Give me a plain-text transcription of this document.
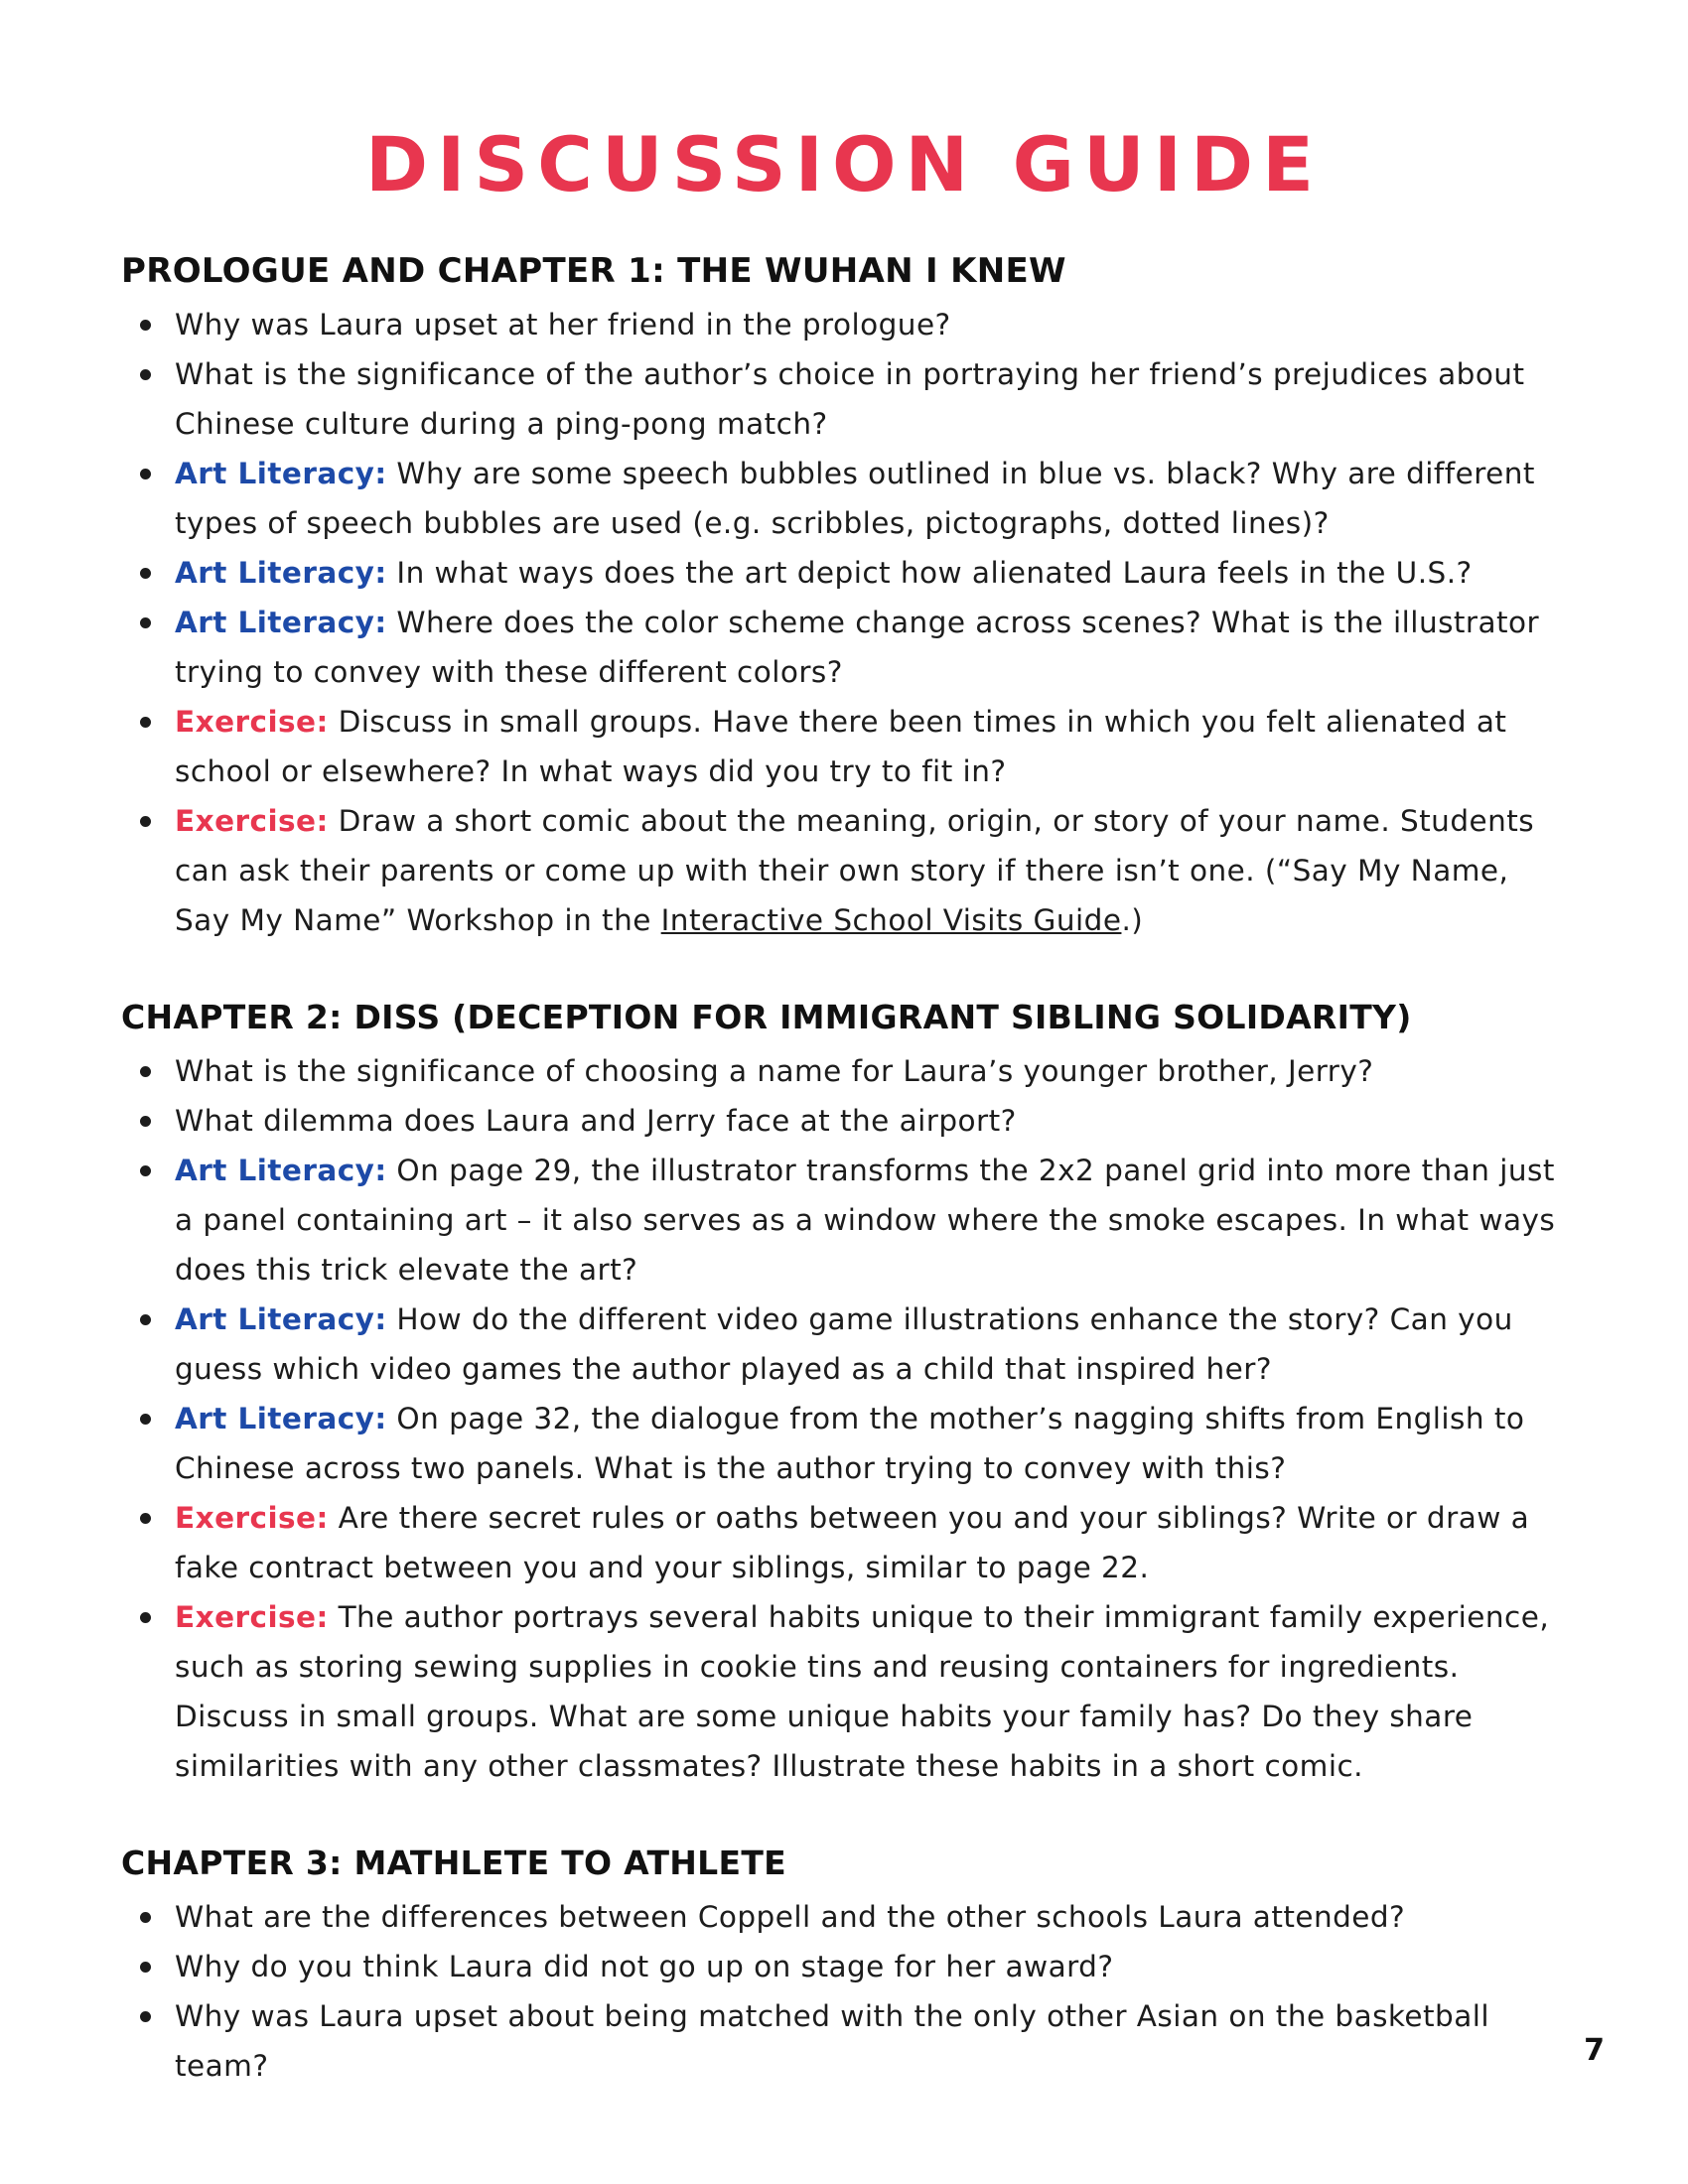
DISCUSSION GUIDE
PROLOGUE AND CHAPTER 1: THE WUHAN I KNEW
Why was Laura upset at her friend in the prologue?
What is the significance of the author’s choice in portraying her friend’s prejudices about Chinese culture during a ping-pong match?
Art Literacy: Why are some speech bubbles outlined in blue vs. black? Why are different types of speech bubbles are used (e.g. scribbles, pictographs, dotted lines)?
Art Literacy: In what ways does the art depict how alienated Laura feels in the U.S.?
Art Literacy: Where does the color scheme change across scenes? What is the illustrator trying to convey with these different colors?
Exercise: Discuss in small groups. Have there been times in which you felt alienated at school or elsewhere? In what ways did you try to fit in?
Exercise: Draw a short comic about the meaning, origin, or story of your name. Students can ask their parents or come up with their own story if there isn’t one. (“Say My Name, Say My Name” Workshop in the Interactive School Visits Guide.)
CHAPTER 2: DISS (DECEPTION FOR IMMIGRANT SIBLING SOLIDARITY)
What is the significance of choosing a name for Laura’s younger brother, Jerry?
What dilemma does Laura and Jerry face at the airport?
Art Literacy: On page 29, the illustrator transforms the 2x2 panel grid into more than just a panel containing art – it also serves as a window where the smoke escapes. In what ways does this trick elevate the art?
Art Literacy: How do the different video game illustrations enhance the story? Can you guess which video games the author played as a child that inspired her?
Art Literacy: On page 32, the dialogue from the mother’s nagging shifts from English to Chinese across two panels. What is the author trying to convey with this?
Exercise: Are there secret rules or oaths between you and your siblings? Write or draw a fake contract between you and your siblings, similar to page 22.
Exercise: The author portrays several habits unique to their immigrant family experience, such as storing sewing supplies in cookie tins and reusing containers for ingredients. Discuss in small groups. What are some unique habits your family has? Do they share similarities with any other classmates? Illustrate these habits in a short comic.
CHAPTER 3: MATHLETE TO ATHLETE
What are the differences between Coppell and the other schools Laura attended?
Why do you think Laura did not go up on stage for her award?
Why was Laura upset about being matched with the only other Asian on the basketball team?	7
